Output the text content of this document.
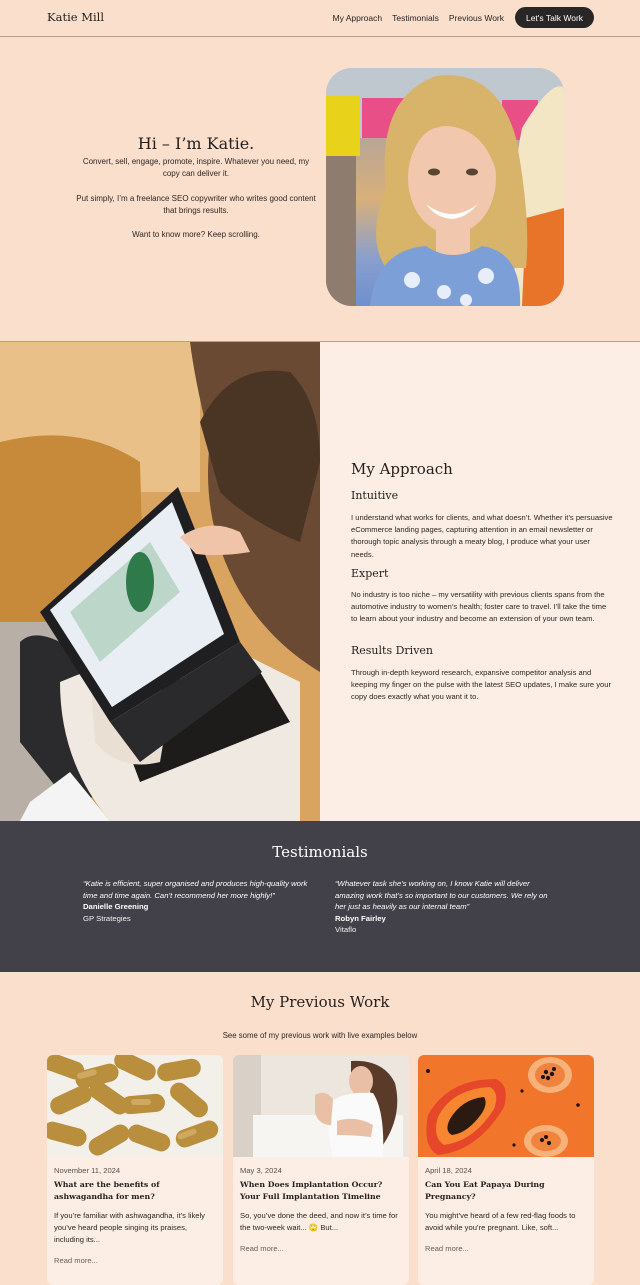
Katie Mill	My Approach Testimonials Previous Work	Let's Talk Work
Hi – I’m Katie.
Convert, sell, engage, promote, inspire. Whatever you need, my copy can deliver it.
Put simply, I’m a freelance SEO copywriter who writes good content that brings results.
Want to know more? Keep scrolling.
My Approach
Intuitive
I understand what works for clients, and what doesn’t. Whether it’s persuasive eCommerce landing pages, capturing attention in an email newsletter or thorough topic analysis through a meaty blog, I produce what your user needs.
Expert
No industry is too niche – my versatility with previous clients spans from the automotive industry to women’s health; foster care to travel. I’ll take the time to learn about your industry and become an extension of your own team.
Results Driven
Through in-depth keyword research, expansive competitor analysis and keeping my finger on the pulse with the latest SEO updates, I make sure your copy does exactly what you want it to.
Testimonials
“Katie is efficient, super organised and produces high-quality work time and time again. Can’t recommend her more highly!”
Danielle Greening
GP Strategies
“Whatever task she’s working on, I know Katie will deliver amazing work that’s so important to our customers. We rely on her just as heavily as our internal team”
Robyn Fairley
Vitaflo
My Previous Work
See some of my previous work with live examples below
November 11, 2024
What are the benefits of ashwagandha for men?
If you’re familiar with ashwagandha, it’s likely you’ve heard people singing its praises, including its...
Read more...
May 3, 2024
When Does Implantation Occur? Your Full Implantation Timeline
So, you’ve done the deed, and now it’s time for the two-week wait... 🙄 But...
Read more...
April 18, 2024
Can You Eat Papaya During Pregnancy?
You might’ve heard of a few red-flag foods to avoid while you’re pregnant. Like, soft...
Read more...
